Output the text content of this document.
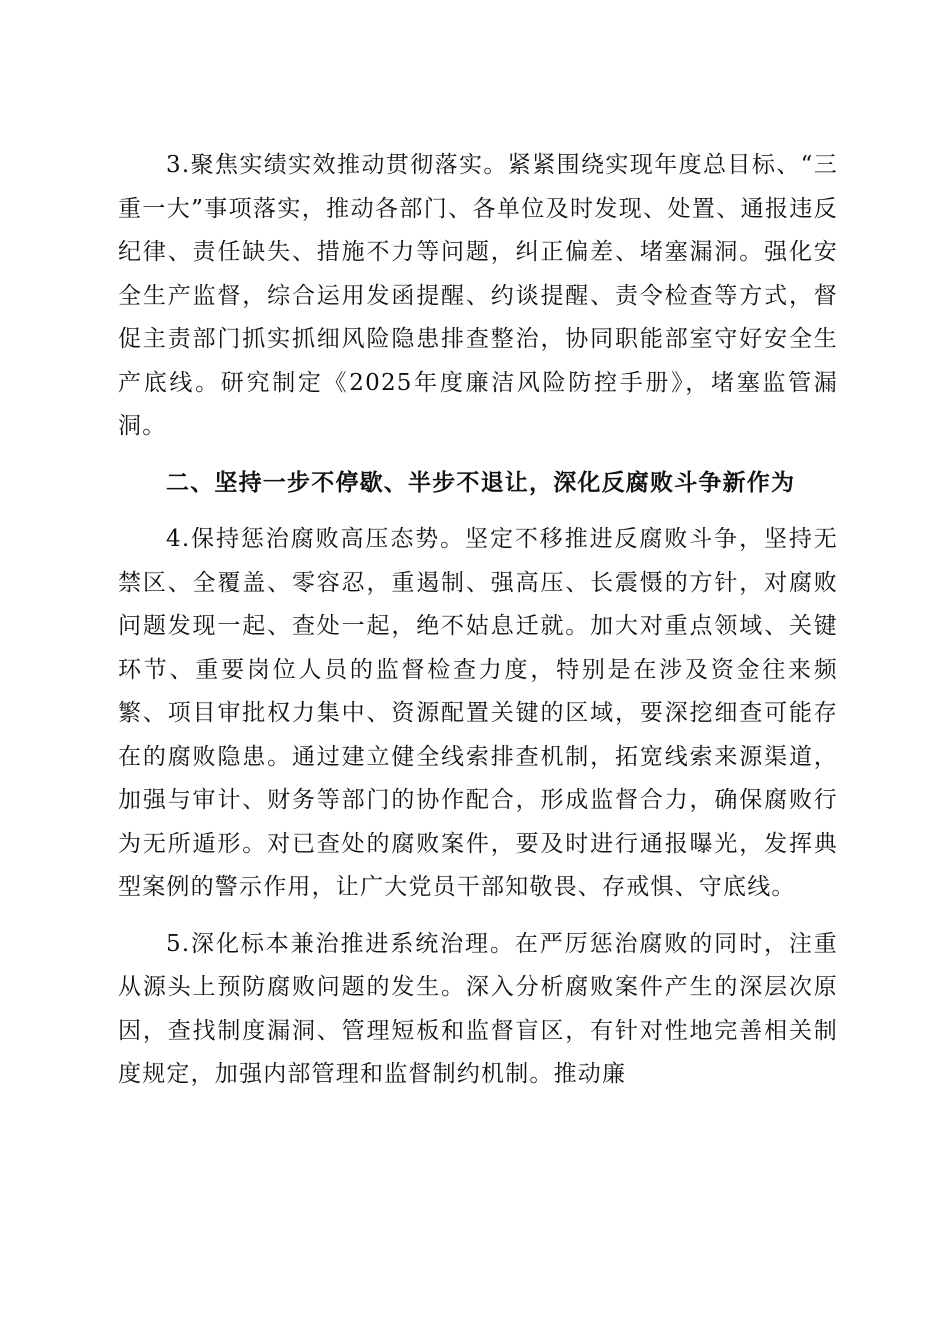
3.聚焦实绩实效推动贯彻落实。紧紧围绕实现年度总目标、“三重一大”事项落实，推动各部门、各单位及时发现、处置、通报违反纪律、责任缺失、措施不力等问题，纠正偏差、堵塞漏洞。强化安全生产监督，综合运用发函提醒、约谈提醒、责令检查等方式，督促主责部门抓实抓细风险隐患排查整治，协同职能部室守好安全生产底线。研究制定《2025年度廉洁风险防控手册》，堵塞监管漏洞。

二、坚持一步不停歇、半步不退让，深化反腐败斗争新作为

4.保持惩治腐败高压态势。坚定不移推进反腐败斗争，坚持无禁区、全覆盖、零容忍，重遏制、强高压、长震慑的方针，对腐败问题发现一起、查处一起，绝不姑息迁就。加大对重点领域、关键环节、重要岗位人员的监督检查力度，特别是在涉及资金往来频繁、项目审批权力集中、资源配置关键的区域，要深挖细查可能存在的腐败隐患。通过建立健全线索排查机制，拓宽线索来源渠道，加强与审计、财务等部门的协作配合，形成监督合力，确保腐败行为无所遁形。对已查处的腐败案件，要及时进行通报曝光，发挥典型案例的警示作用，让广大党员干部知敬畏、存戒惧、守底线。

5.深化标本兼治推进系统治理。在严厉惩治腐败的同时，注重从源头上预防腐败问题的发生。深入分析腐败案件产生的深层次原因，查找制度漏洞、管理短板和监督盲区，有针对性地完善相关制度规定，加强内部管理和监督制约机制。推动廉
